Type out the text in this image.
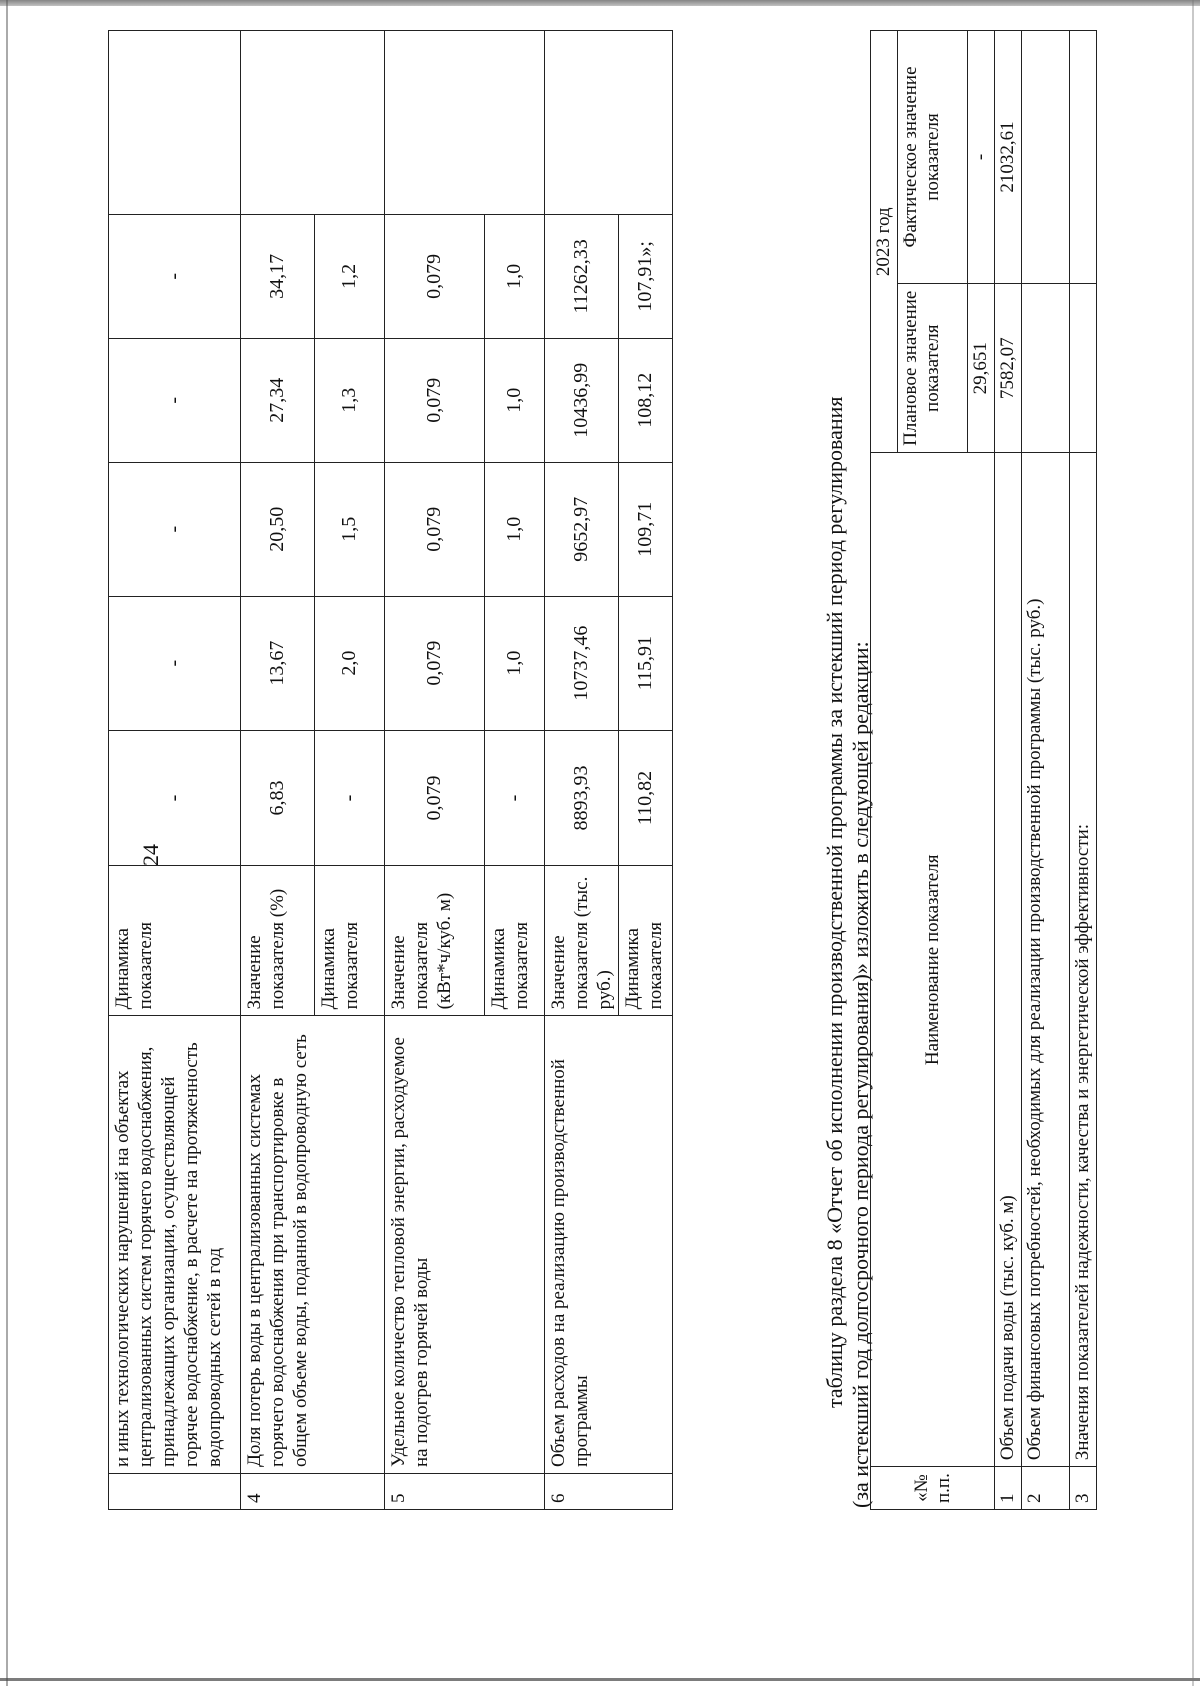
24
	и иных технологических нарушений на объектах централизованных систем горячего водоснабжения, принадлежащих организации, осуществляющей горячее водоснабжение, в расчете на протяженность водопроводных сетей в год	Динамика показателя	-	-	-	-	-	
4	Доля потерь воды в централизованных системах горячего водоснабжения при транспортировке в общем объеме воды, поданной в водопроводную сеть	Значение показателя (%)	6,83	13,67	20,50	27,34	34,17	
		Динамика показателя	-	2,0	1,5	1,3	1,2	
5	Удельное количество тепловой энергии, расходуемое на подогрев горячей воды	Значение показателя (кВт*ч/куб. м)	0,079	0,079	0,079	0,079	0,079	
		Динамика показателя	-	1,0	1,0	1,0	1,0	
6	Объем расходов на реализацию производственной программы	Значение показателя (тыс. руб.)	8893,93	10737,46	9652,97	10436,99	11262,33	
		Динамика показателя	110,82	115,91	109,71	108,12	107,91»;	
таблицу раздела 8 «Отчет об исполнении производственной программы за истекший период регулирования (за истекший год долгосрочного периода регулирования)» изложить в следующей редакции: «№ п.п.	Наименование показателя	2023 год	
		Плановое значение показателя	Фактическое значение показателя
		29,651	-
1	Объем подачи воды (тыс. куб. м)	7582,07	21032,61
2	Объем финансовых потребностей, необходимых для реализации производственной программы (тыс. руб.)		
3	Значения показателей надежности, качества и энергетической эффективности:		
